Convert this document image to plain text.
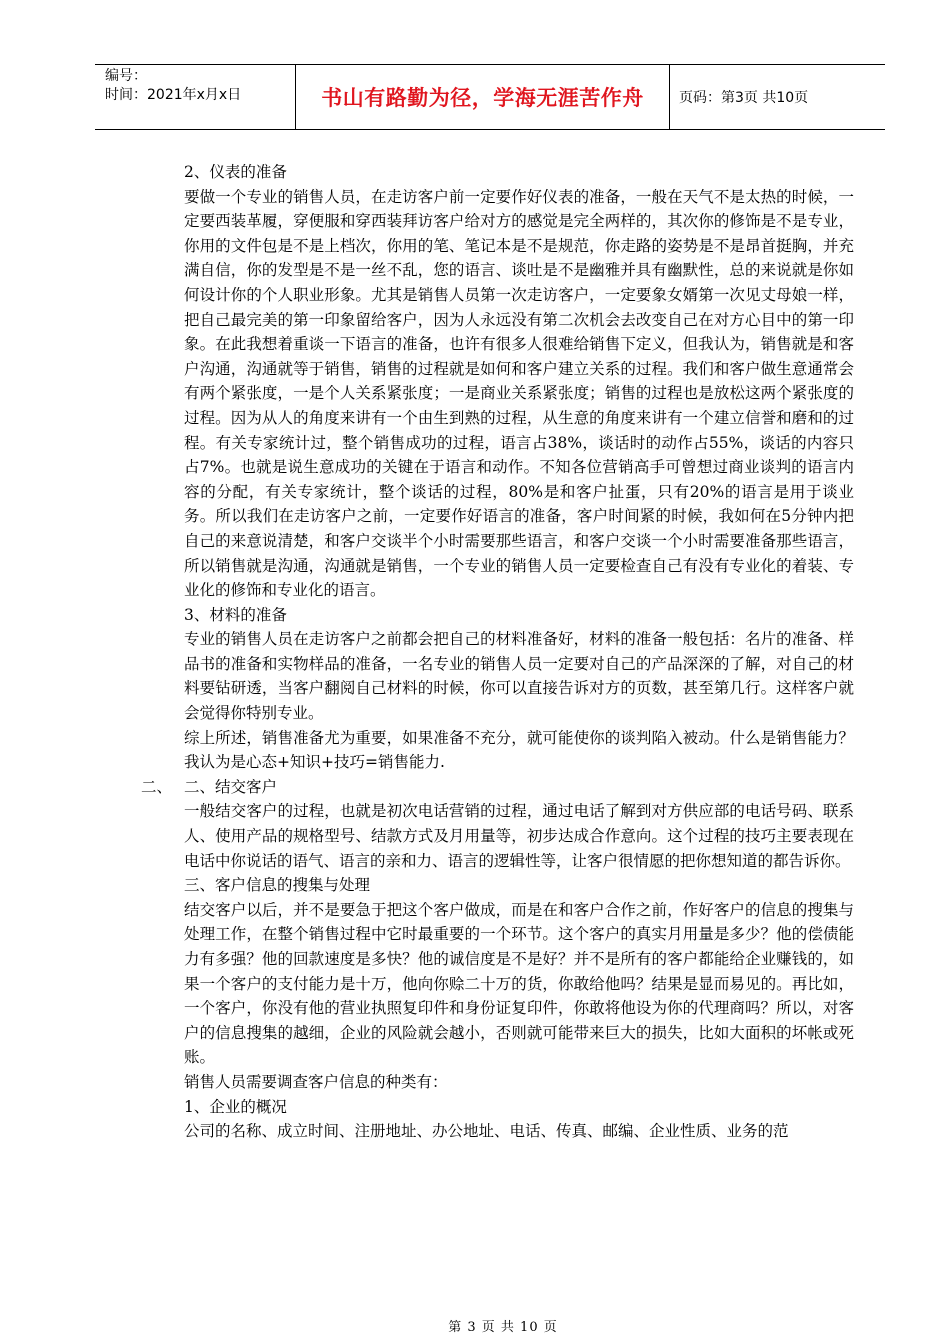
编号：
时间：2021年x月x日	书山有路勤为径，学海无涯苦作舟	页码：第3页 共10页

2、仪表的准备

要做一个专业的销售人员，在走访客户前一定要作好仪表的准备，一般在天气不是太热的时候，一定要西装革履，穿便服和穿西装拜访客户给对方的感觉是完全两样的，其次你的修饰是不是专业，你用的文件包是不是上档次，你用的笔、笔记本是不是规范，你走路的姿势是不是昂首挺胸，并充满自信，你的发型是不是一丝不乱，您的语言、谈吐是不是幽雅并具有幽默性，总的来说就是你如何设计你的个人职业形象。尤其是销售人员第一次走访客户，一定要象女婿第一次见丈母娘一样，把自己最完美的第一印象留给客户，因为人永远没有第二次机会去改变自己在对方心目中的第一印象。在此我想着重谈一下语言的准备，也许有很多人很难给销售下定义，但我认为，销售就是和客户沟通，沟通就等于销售，销售的过程就是如何和客户建立关系的过程。我们和客户做生意通常会有两个紧张度，一是个人关系紧张度；一是商业关系紧张度；销售的过程也是放松这两个紧张度的过程。因为从人的角度来讲有一个由生到熟的过程，从生意的角度来讲有一个建立信誉和磨和的过程。有关专家统计过，整个销售成功的过程，语言占38%，谈话时的动作占55%，谈话的内容只占7%。也就是说生意成功的关键在于语言和动作。不知各位营销高手可曾想过商业谈判的语言内容的分配，有关专家统计，整个谈话的过程，80%是和客户扯蛋，只有20%的语言是用于谈业务。所以我们在走访客户之前，一定要作好语言的准备，客户时间紧的时候，我如何在5分钟内把自己的来意说清楚，和客户交谈半个小时需要那些语言，和客户交谈一个小时需要准备那些语言，所以销售就是沟通，沟通就是销售，一个专业的销售人员一定要检查自己有没有专业化的着装、专业化的修饰和专业化的语言。

3、材料的准备

专业的销售人员在走访客户之前都会把自己的材料准备好，材料的准备一般包括：名片的准备、样品书的准备和实物样品的准备，一名专业的销售人员一定要对自己的产品深深的了解，对自己的材料要钻研透，当客户翻阅自己材料的时候，你可以直接告诉对方的页数，甚至第几行。这样客户就会觉得你特别专业。

综上所述，销售准备尤为重要，如果准备不充分，就可能使你的谈判陷入被动。什么是销售能力？我认为是心态+知识+技巧=销售能力.

二、 二、结交客户

一般结交客户的过程，也就是初次电话营销的过程，通过电话了解到对方供应部的电话号码、联系人、使用产品的规格型号、结款方式及月用量等，初步达成合作意向。这个过程的技巧主要表现在电话中你说话的语气、语言的亲和力、语言的逻辑性等，让客户很情愿的把你想知道的都告诉你。

三、客户信息的搜集与处理

结交客户以后，并不是要急于把这个客户做成，而是在和客户合作之前，作好客户的信息的搜集与处理工作，在整个销售过程中它时最重要的一个环节。这个客户的真实月用量是多少？他的偿债能力有多强？他的回款速度是多快？他的诚信度是不是好？并不是所有的客户都能给企业赚钱的，如果一个客户的支付能力是十万，他向你赊二十万的货，你敢给他吗？结果是显而易见的。再比如，一个客户，你没有他的营业执照复印件和身份证复印件，你敢将他设为你的代理商吗？所以，对客户的信息搜集的越细，企业的风险就会越小，否则就可能带来巨大的损失，比如大面积的坏帐或死账。

销售人员需要调查客户信息的种类有：

1、企业的概况

公司的名称、成立时间、注册地址、办公地址、电话、传真、邮编、企业性质、业务的范

第 3 页 共 10 页
